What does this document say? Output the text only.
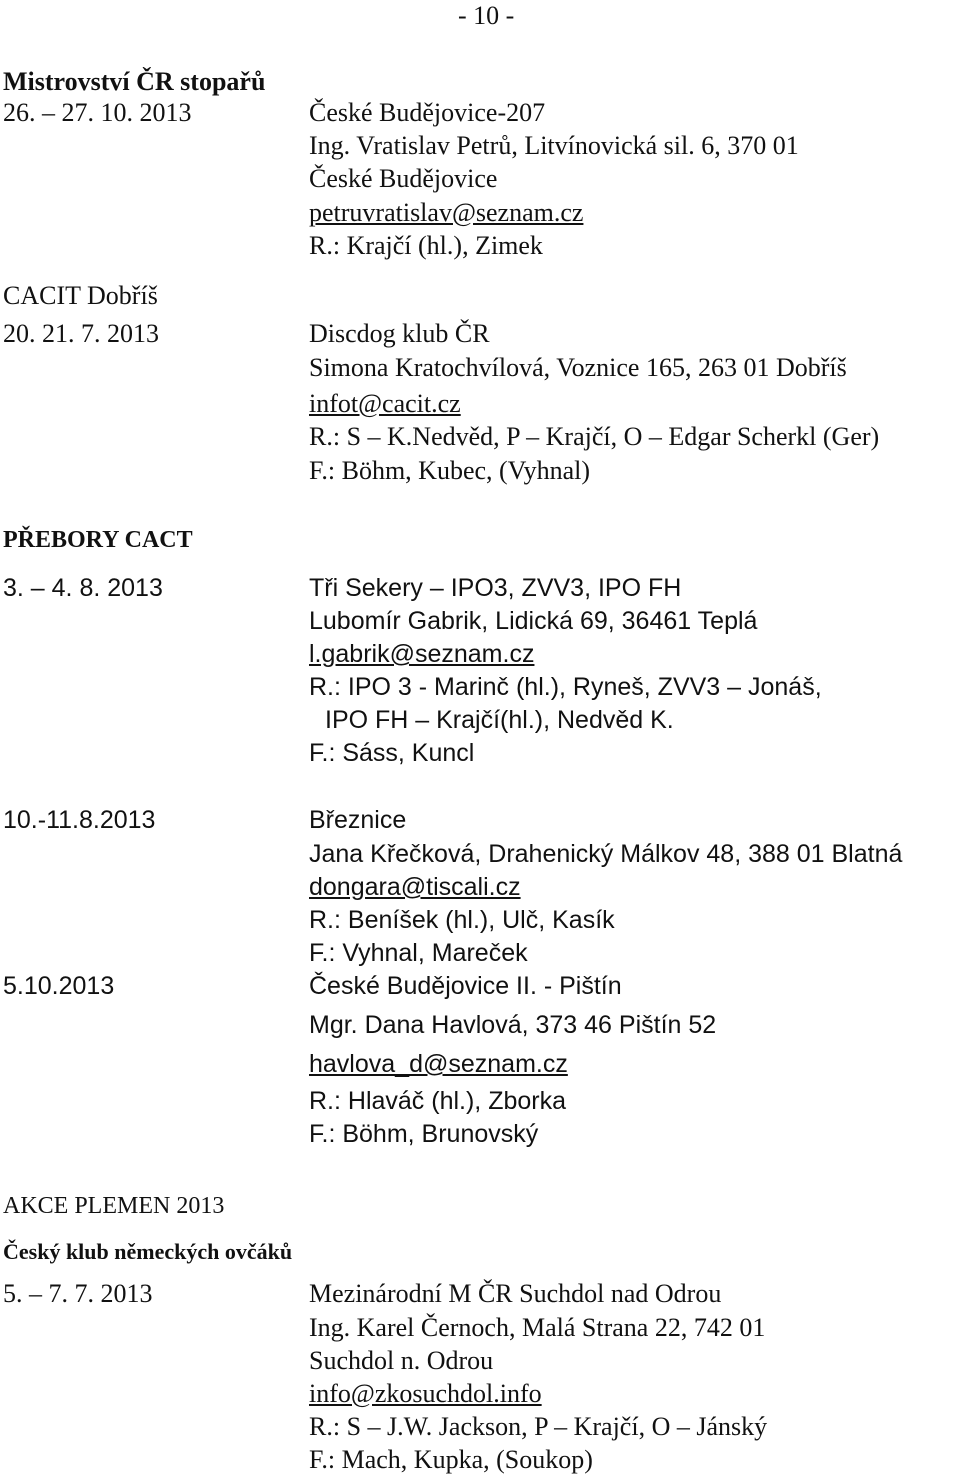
- 10 -
Mistrovství ČR stopařů
26. – 27. 10. 2013	České Budějovice-207
Ing. Vratislav Petrů, Litvínovická sil. 6, 370 01
České Budějovice
petruvratislav@seznam.cz
R.: Krajčí (hl.), Zimek
CACIT Dobříš
20. 21. 7. 2013	Discdog klub ČR
Simona Kratochvílová, Voznice 165, 263 01 Dobříš
infot@cacit.cz
R.: S – K.Nedvěd, P – Krajčí, O – Edgar Scherkl (Ger)
F.: Böhm, Kubec, (Vyhnal)
PŘEBORY CACT
3. – 4. 8. 2013	Tři Sekery – IPO3, ZVV3, IPO FH
Lubomír Gabrik, Lidická 69, 36461 Teplá
l.gabrik@seznam.cz
R.: IPO 3 - Marinč (hl.), Ryneš, ZVV3 – Jonáš,
IPO FH – Krajčí(hl.), Nedvěd K.
F.: Sáss, Kuncl
10.-11.8.2013	Březnice
Jana Křečková, Drahenický Málkov 48, 388 01 Blatná
dongara@tiscali.cz
R.: Beníšek (hl.), Ulč, Kasík
F.: Vyhnal, Mareček
5.10.2013	České Budějovice II. - Pištín
Mgr. Dana Havlová, 373 46 Pištín 52
havlova_d@seznam.cz
R.: Hlaváč (hl.), Zborka
F.: Böhm, Brunovský
AKCE PLEMEN 2013
Český klub německých ovčáků
5. – 7. 7. 2013	Mezinárodní M ČR Suchdol nad Odrou
Ing. Karel Černoch, Malá Strana 22, 742 01
Suchdol n. Odrou
info@zkosuchdol.info
R.: S – J.W. Jackson, P – Krajčí, O – Jánský
F.: Mach, Kupka, (Soukop)
